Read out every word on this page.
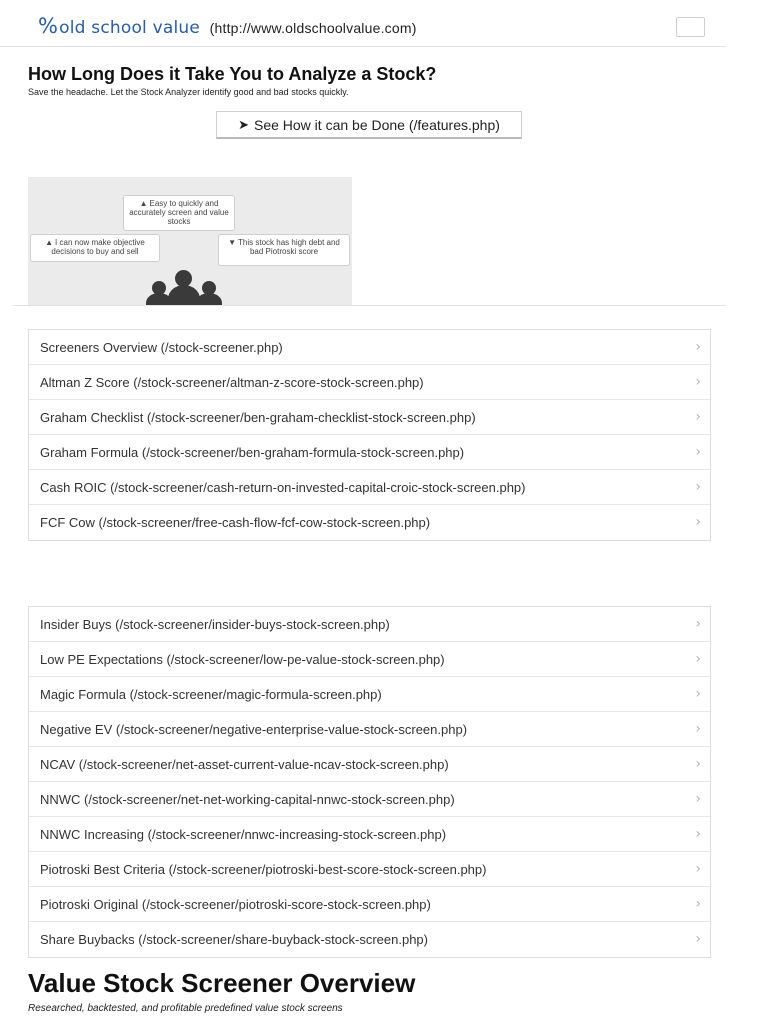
%old school value (http://www.oldschoolvalue.com)
How Long Does it Take You to Analyze a Stock?
Save the headache. Let the Stock Analyzer identify good and bad stocks quickly.
➤ See How it can be Done (/features.php)
▲ Easy to quickly and accurately screen and value stocks
▲ I can now make objective decisions to buy and sell
▼ This stock has high debt and bad Piotroski score
Screeners Overview (/stock-screener.php)	›
Altman Z Score (/stock-screener/altman-z-score-stock-screen.php)	›
Graham Checklist (/stock-screener/ben-graham-checklist-stock-screen.php)	›
Graham Formula (/stock-screener/ben-graham-formula-stock-screen.php)	›
Cash ROIC (/stock-screener/cash-return-on-invested-capital-croic-stock-screen.php)	›
FCF Cow (/stock-screener/free-cash-flow-fcf-cow-stock-screen.php)	›
Insider Buys (/stock-screener/insider-buys-stock-screen.php)	›
Low PE Expectations (/stock-screener/low-pe-value-stock-screen.php)	›
Magic Formula (/stock-screener/magic-formula-screen.php)	›
Negative EV (/stock-screener/negative-enterprise-value-stock-screen.php)	›
NCAV (/stock-screener/net-asset-current-value-ncav-stock-screen.php)	›
NNWC (/stock-screener/net-net-working-capital-nnwc-stock-screen.php)	›
NNWC Increasing (/stock-screener/nnwc-increasing-stock-screen.php)	›
Piotroski Best Criteria (/stock-screener/piotroski-best-score-stock-screen.php)	›
Piotroski Original (/stock-screener/piotroski-score-stock-screen.php)	›
Share Buybacks (/stock-screener/share-buyback-stock-screen.php)	›
Value Stock Screener Overview
Researched, backtested, and profitable predefined value stock screens
